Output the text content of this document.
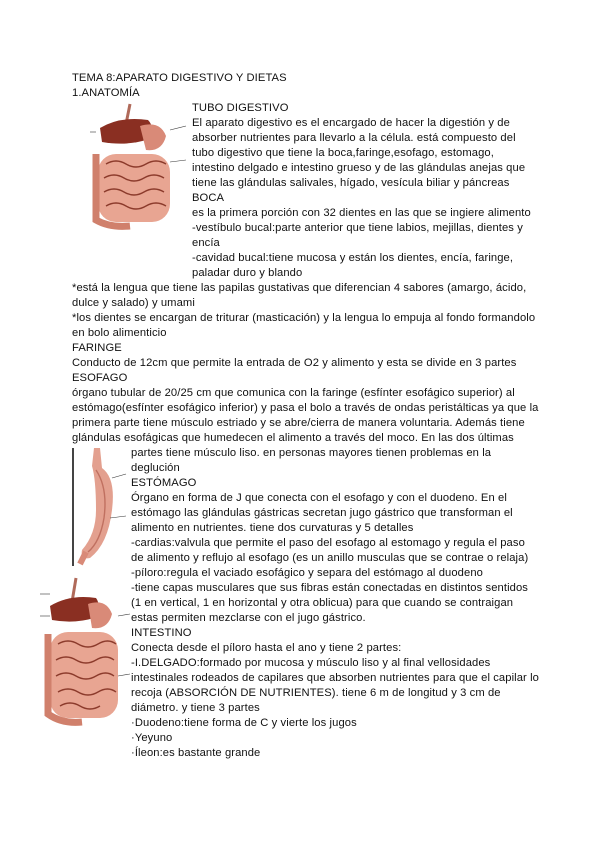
TEMA 8:APARATO DIGESTIVO Y DIETAS
1.ANATOMÍA
TUBO DIGESTIVO
El aparato digestivo es el encargado de hacer la digestión y de
absorber nutrientes para llevarlo a la célula. está compuesto del
tubo digestivo que tiene la boca,faringe,esofago, estomago,
intestino delgado e intestino grueso y de las glándulas anejas que
tiene las glándulas salivales, hígado, vesícula biliar y páncreas
BOCA
es la primera porción con 32 dientes en las que se ingiere alimento
-vestíbulo bucal:parte anterior que tiene labios, mejillas, dientes y
encía
-cavidad bucal:tiene mucosa y están los dientes, encía, faringe,
paladar duro y blando
*está la lengua que tiene las papilas gustativas que diferencian 4 sabores (amargo, ácido,
dulce y salado) y umami
*los dientes se encargan de triturar (masticación) y la lengua lo empuja al fondo formandolo
en bolo alimenticio
FARINGE
Conducto de 12cm que permite la entrada de O2 y alimento y esta se divide en 3 partes
ESOFAGO
órgano tubular de 20/25 cm que comunica con la faringe (esfínter esofágico superior) al
estómago(esfínter esofágico inferior) y pasa el bolo a través de ondas peristálticas ya que la
primera parte tiene músculo estriado y se abre/cierra de manera voluntaria. Además tiene
glándulas esofágicas que humedecen el alimento a través del moco. En las dos últimas
partes tiene músculo liso. en personas mayores tienen problemas en la
deglución
ESTÓMAGO
Órgano en forma de J que conecta con el esofago y con el duodeno. En el
estómago las glándulas gástricas secretan jugo gástrico que transforman el
alimento en nutrientes. tiene dos curvaturas y 5 detalles
-cardias:valvula que permite el paso del esofago al estomago y regula el paso
de alimento y reflujo al esofago (es un anillo musculas que se contrae o relaja)
-píloro:regula el vaciado esofágico y separa del estómago al duodeno
-tiene capas musculares que sus fibras están conectadas en distintos sentidos
(1 en vertical, 1 en horizontal y otra oblicua) para que cuando se contraigan
estas permiten mezclarse con el jugo gástrico.
INTESTINO
Conecta desde el píloro hasta el ano y tiene 2 partes:
-I.DELGADO:formado por mucosa y músculo liso y al final vellosidades
intestinales rodeados de capilares que absorben nutrientes para que el capilar lo
recoja (ABSORCIÓN DE NUTRIENTES). tiene 6 m de longitud y 3 cm de
diámetro. y tiene 3 partes
·Duodeno:tiene forma de C y vierte los jugos
·Yeyuno
·Íleon:es bastante grande
